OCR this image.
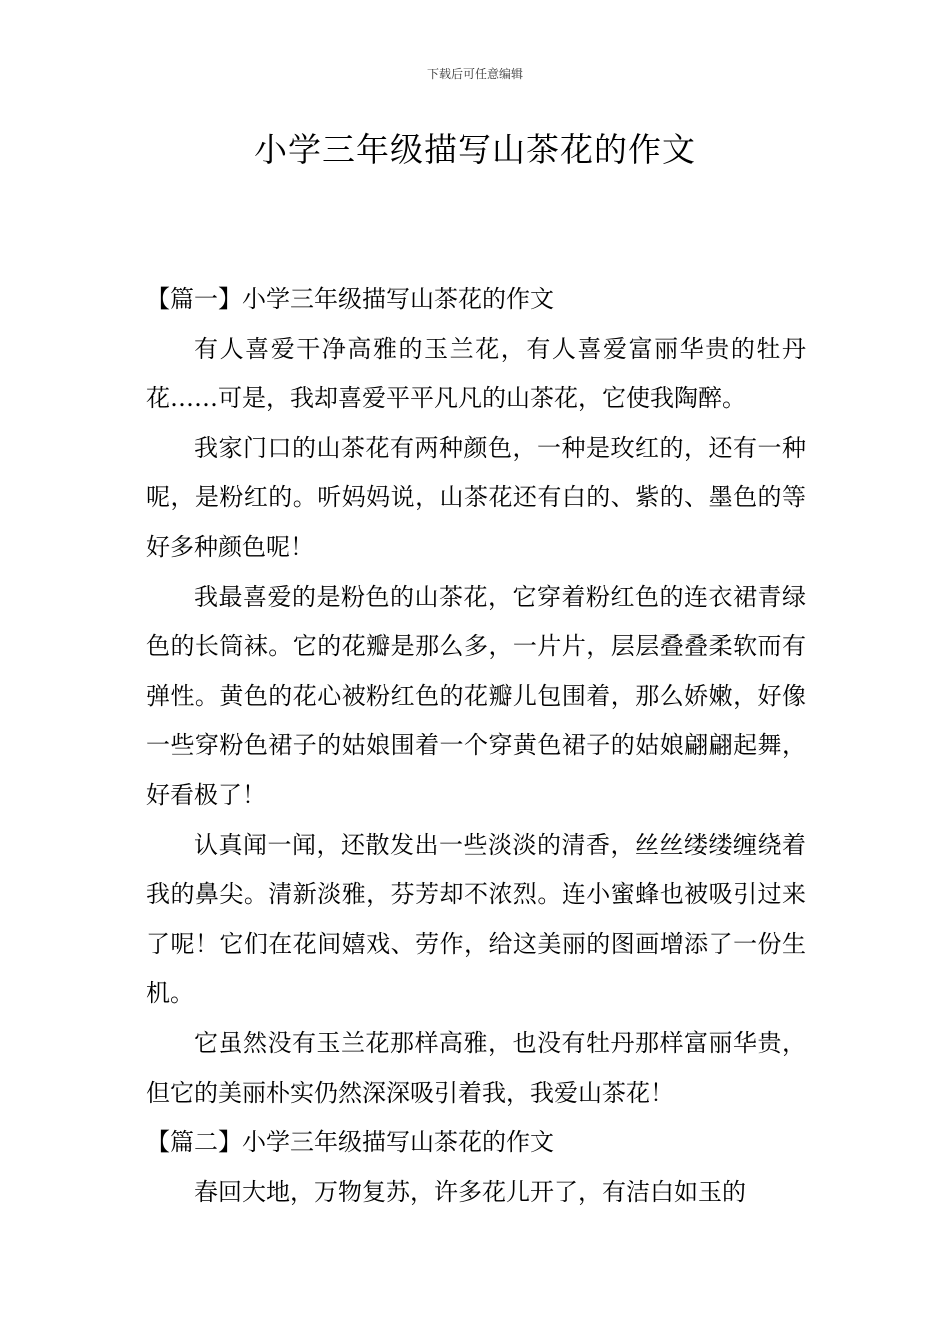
下载后可任意编辑

小学三年级描写山茶花的作文

【篇一】小学三年级描写山茶花的作文

有人喜爱干净高雅的玉兰花，有人喜爱富丽华贵的牡丹花……可是，我却喜爱平平凡凡的山茶花，它使我陶醉。

我家门口的山茶花有两种颜色，一种是玫红的，还有一种呢，是粉红的。听妈妈说，山茶花还有白的、紫的、墨色的等好多种颜色呢！

我最喜爱的是粉色的山茶花，它穿着粉红色的连衣裙青绿色的长筒袜。它的花瓣是那么多，一片片，层层叠叠柔软而有弹性。黄色的花心被粉红色的花瓣儿包围着，那么娇嫩，好像一些穿粉色裙子的姑娘围着一个穿黄色裙子的姑娘翩翩起舞，好看极了！

认真闻一闻，还散发出一些淡淡的清香，丝丝缕缕缠绕着我的鼻尖。清新淡雅，芬芳却不浓烈。连小蜜蜂也被吸引过来了呢！它们在花间嬉戏、劳作，给这美丽的图画增添了一份生机。

它虽然没有玉兰花那样高雅，也没有牡丹那样富丽华贵，但它的美丽朴实仍然深深吸引着我，我爱山茶花！

【篇二】小学三年级描写山茶花的作文

春回大地，万物复苏，许多花儿开了，有洁白如玉的
